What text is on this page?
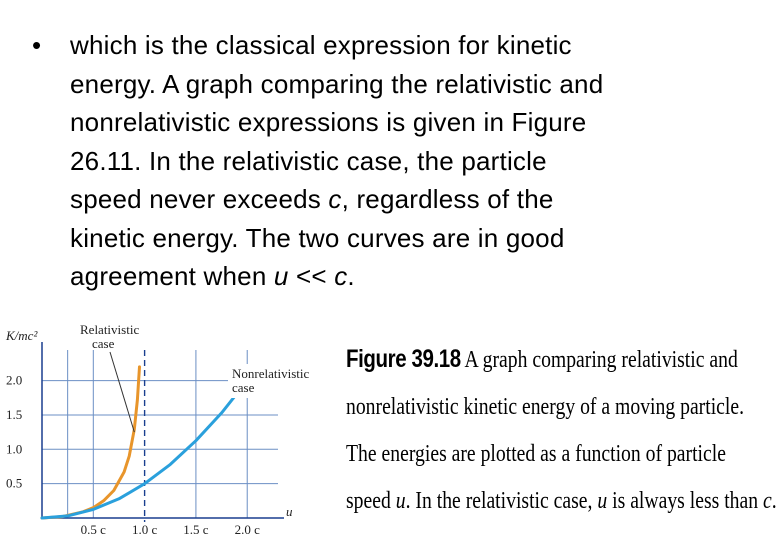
• which is the classical expression for kinetic
energy. A graph comparing the relativistic and
nonrelativistic expressions is given in Figure
26.11. In the relativistic case, the particle
speed never exceeds c, regardless of the
kinetic energy. The two curves are in good
agreement when u << c.
0.5
1.0
1.5
2.0
0.5 c 1.0 c 1.5 c 2.0 c
K/mc²
u
Relativistic
case
Nonrelativistic
case
Figure 39.18 A graph comparing relativistic and
nonrelativistic kinetic energy of a moving particle.
The energies are plotted as a function of particle
speed u. In the relativistic case, u is always less than c.
